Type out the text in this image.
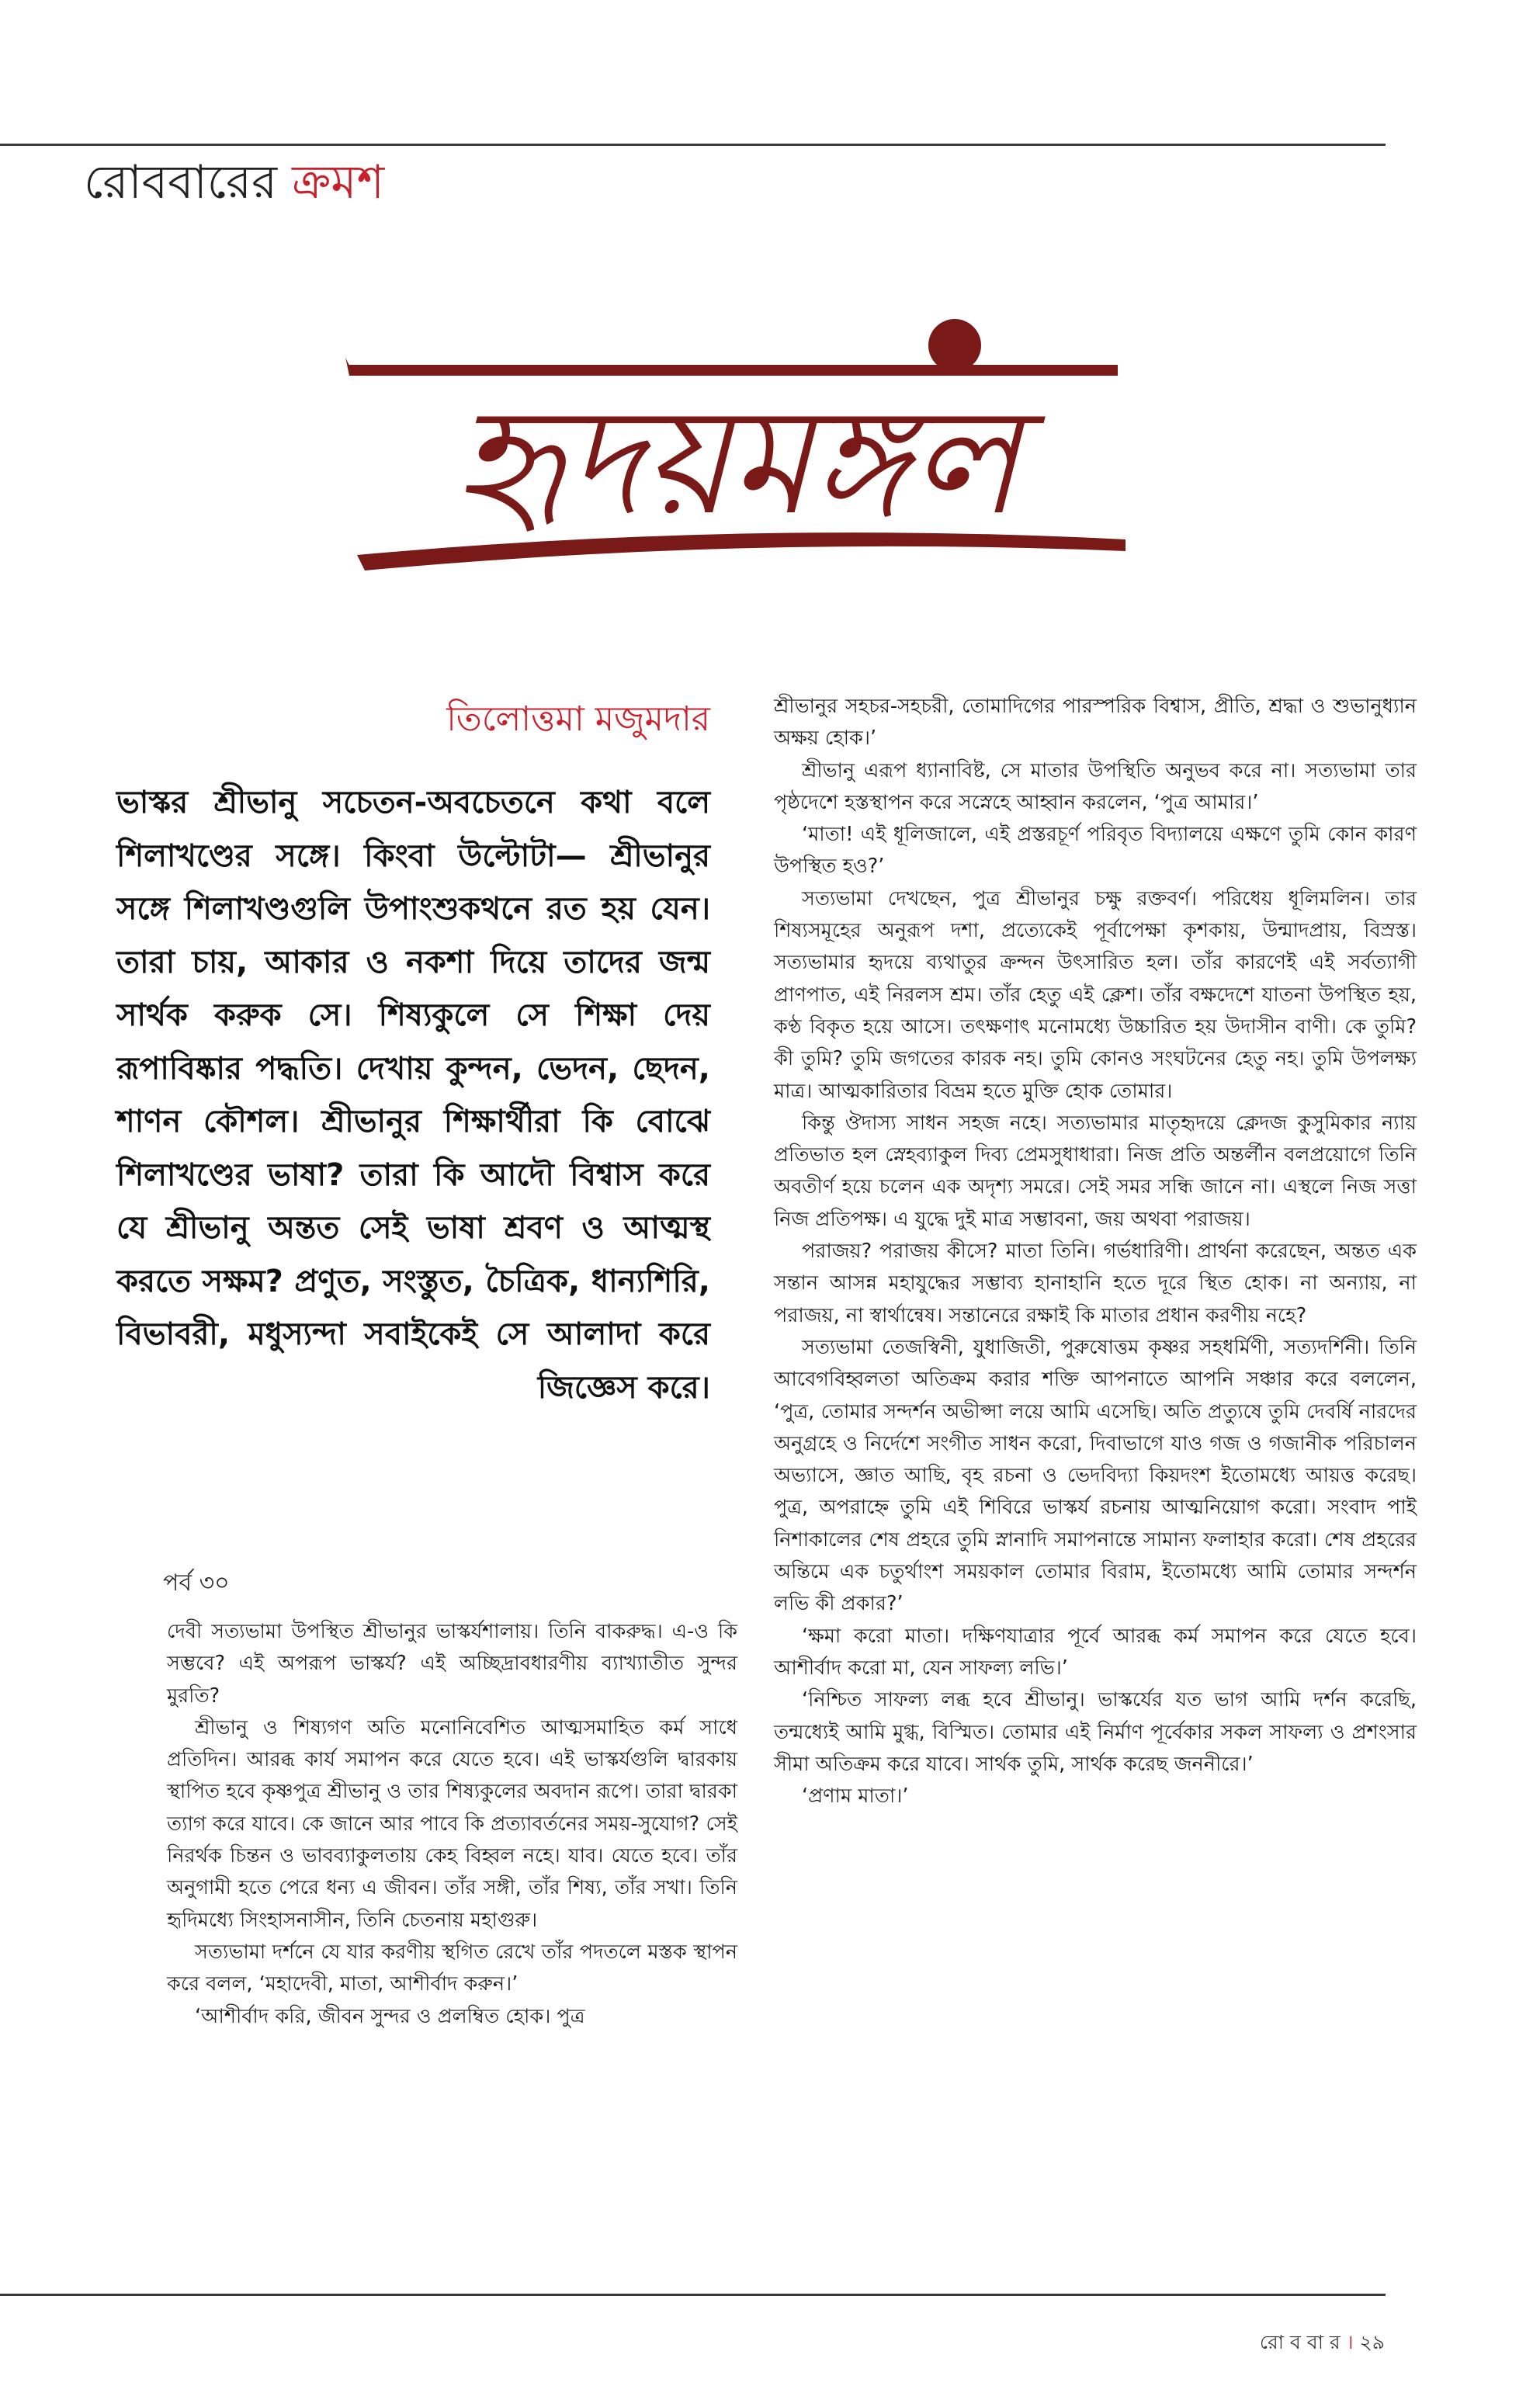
রোববারের ক্রমশ
হৃদয়মঙ্গল
তিলোত্তমা মজুমদার

ভাস্কর শ্রীভানু সচেতন-অবচেতনে কথা বলে শিলাখণ্ডের সঙ্গে। কিংবা উল্টোটা— শ্রীভানুর সঙ্গে শিলাখণ্ডগুলি উপাংশুকথনে রত হয় যেন। তারা চায়, আকার ও নকশা দিয়ে তাদের জন্ম সার্থক করুক সে। শিষ্যকুলে সে শিক্ষা দেয় রূপাবিষ্কার পদ্ধতি। দেখায় কুন্দন, ভেদন, ছেদন, শাণন কৌশল। শ্রীভানুর শিক্ষার্থীরা কি বোঝে শিলাখণ্ডের ভাষা? তারা কি আদৌ বিশ্বাস করে যে শ্রীভানু অন্তত সেই ভাষা শ্রবণ ও আত্মস্থ করতে সক্ষম? প্রণুত, সংস্তুত, চৈত্রিক, ধান্যশিরি, বিভাবরী, মধুস্যন্দা সবাইকেই সে আলাদা করে জিজ্ঞেস করে।

পর্ব ৩০

দেবী সত্যভামা উপস্থিত শ্রীভানুর ভাস্কর্যশালায়। তিনি বাকরুদ্ধ। এ-ও কি সম্ভবে? এই অপরূপ ভাস্কর্য? এই অচ্ছিদ্রাবধারণীয় ব্যাখ্যাতীত সুন্দর মুরতি?

শ্রীভানু ও শিষ্যগণ অতি মনোনিবেশিত আত্মসমাহিত কর্ম সাধে প্রতিদিন। আরব্ধ কার্য সমাপন করে যেতে হবে। এই ভাস্কর্যগুলি দ্বারকায় স্থাপিত হবে কৃষ্ণপুত্র শ্রীভানু ও তার শিষ্যকুলের অবদান রূপে। তারা দ্বারকা ত্যাগ করে যাবে। কে জানে আর পাবে কি প্রত্যাবর্তনের সময়-সুযোগ? সেই নিরর্থক চিন্তন ও ভাবব্যাকুলতায় কেহ বিহ্বল নহে। যাব। যেতে হবে। তাঁর অনুগামী হতে পেরে ধন্য এ জীবন। তাঁর সঙ্গী, তাঁর শিষ্য, তাঁর সখা। তিনি হৃদিমধ্যে সিংহাসনাসীন, তিনি চেতনায় মহাগুরু।

সত্যভামা দর্শনে যে যার করণীয় স্থগিত রেখে তাঁর পদতলে মস্তক স্থাপন করে বলল, ‘মহাদেবী, মাতা, আশীর্বাদ করুন।’

‘আশীর্বাদ করি, জীবন সুন্দর ও প্রলম্বিত হোক। পুত্র

শ্রীভানুর সহচর-সহচরী, তোমাদিগের পারস্পরিক বিশ্বাস, প্রীতি, শ্রদ্ধা ও শুভানুধ্যান অক্ষয় হোক।’

শ্রীভানু এরূপ ধ্যানাবিষ্ট, সে মাতার উপস্থিতি অনুভব করে না। সত্যভামা তার পৃষ্ঠদেশে হস্তস্থাপন করে সস্নেহে আহ্বান করলেন, ‘পুত্র আমার।’

‘মাতা! এই ধূলিজালে, এই প্রস্তরচূর্ণ পরিবৃত বিদ্যালয়ে এক্ষণে তুমি কোন কারণ উপস্থিত হও?’

সত্যভামা দেখছেন, পুত্র শ্রীভানুর চক্ষু রক্তবর্ণ। পরিধেয় ধূলিমলিন। তার শিষ্যসমূহের অনুরূপ দশা, প্রত্যেকেই পূর্বাপেক্ষা কৃশকায়, উন্মাদপ্রায়, বিস্রস্ত। সত্যভামার হৃদয়ে ব্যথাতুর ক্রন্দন উৎসারিত হল। তাঁর কারণেই এই সর্বত্যাগী প্রাণপাত, এই নিরলস শ্রম। তাঁর হেতু এই ক্লেশ। তাঁর বক্ষদেশে যাতনা উপস্থিত হয়, কণ্ঠ বিকৃত হয়ে আসে। তৎক্ষণাৎ মনোমধ্যে উচ্চারিত হয় উদাসীন বাণী। কে তুমি? কী তুমি? তুমি জগতের কারক নহ। তুমি কোনও সংঘটনের হেতু নহ। তুমি উপলক্ষ্য মাত্র। আত্মকারিতার বিভ্রম হতে মুক্তি হোক তোমার।

কিন্তু ঔদাস্য সাধন সহজ নহে। সত্যভামার মাতৃহৃদয়ে ক্লেদজ কুসুমিকার ন্যায় প্রতিভাত হল স্নেহব্যাকুল দিব্য প্রেমসুধাধারা। নিজ প্রতি অন্তর্লীন বলপ্রয়োগে তিনি অবতীর্ণ হয়ে চলেন এক অদৃশ্য সমরে। সেই সমর সন্ধি জানে না। এস্থলে নিজ সত্তা নিজ প্রতিপক্ষ। এ যুদ্ধে দুই মাত্র সম্ভাবনা, জয় অথবা পরাজয়।

পরাজয়? পরাজয় কীসে? মাতা তিনি। গর্ভধারিণী। প্রার্থনা করেছেন, অন্তত এক সন্তান আসন্ন মহাযুদ্ধের সম্ভাব্য হানাহানি হতে দূরে স্থিত হোক। না অন্যায়, না পরাজয়, না স্বার্থান্বেষ। সন্তানেরে রক্ষাই কি মাতার প্রধান করণীয় নহে?

সত্যভামা তেজস্বিনী, যুধাজিতী, পুরুষোত্তম কৃষ্ণর সহধর্মিণী, সত্যদর্শিনী। তিনি আবেগবিহ্বলতা অতিক্রম করার শক্তি আপনাতে আপনি সঞ্চার করে বললেন, ‘পুত্র, তোমার সন্দর্শন অভীপ্সা লয়ে আমি এসেছি। অতি প্রত্যুষে তুমি দেবর্ষি নারদের অনুগ্রহে ও নির্দেশে সংগীত সাধন করো, দিবাভাগে যাও গজ ও গজানীক পরিচালন অভ্যাসে, জ্ঞাত আছি, বৃহ রচনা ও ভেদবিদ্যা কিয়দংশ ইতোমধ্যে আয়ত্ত করেছ। পুত্র, অপরাহ্নে তুমি এই শিবিরে ভাস্কর্য রচনায় আত্মনিয়োগ করো। সংবাদ পাই নিশাকালের শেষ প্রহরে তুমি স্নানাদি সমাপনান্তে সামান্য ফলাহার করো। শেষ প্রহরের অন্তিমে এক চতুর্থাংশ সময়কাল তোমার বিরাম, ইতোমধ্যে আমি তোমার সন্দর্শন লভি কী প্রকার?’

‘ক্ষমা করো মাতা। দক্ষিণযাত্রার পূর্বে আরব্ধ কর্ম সমাপন করে যেতে হবে। আশীর্বাদ করো মা, যেন সাফল্য লভি।’

‘নিশ্চিত সাফল্য লব্ধ হবে শ্রীভানু। ভাস্কর্যের যত ভাগ আমি দর্শন করেছি, তন্মধ্যেই আমি মুগ্ধ, বিস্মিত। তোমার এই নির্মাণ পূর্বেকার সকল সাফল্য ও প্রশংসার সীমা অতিক্রম করে যাবে। সার্থক তুমি, সার্থক করেছ জননীরে।’

‘প্রণাম মাতা।’

রো ব বা র । ২৯
